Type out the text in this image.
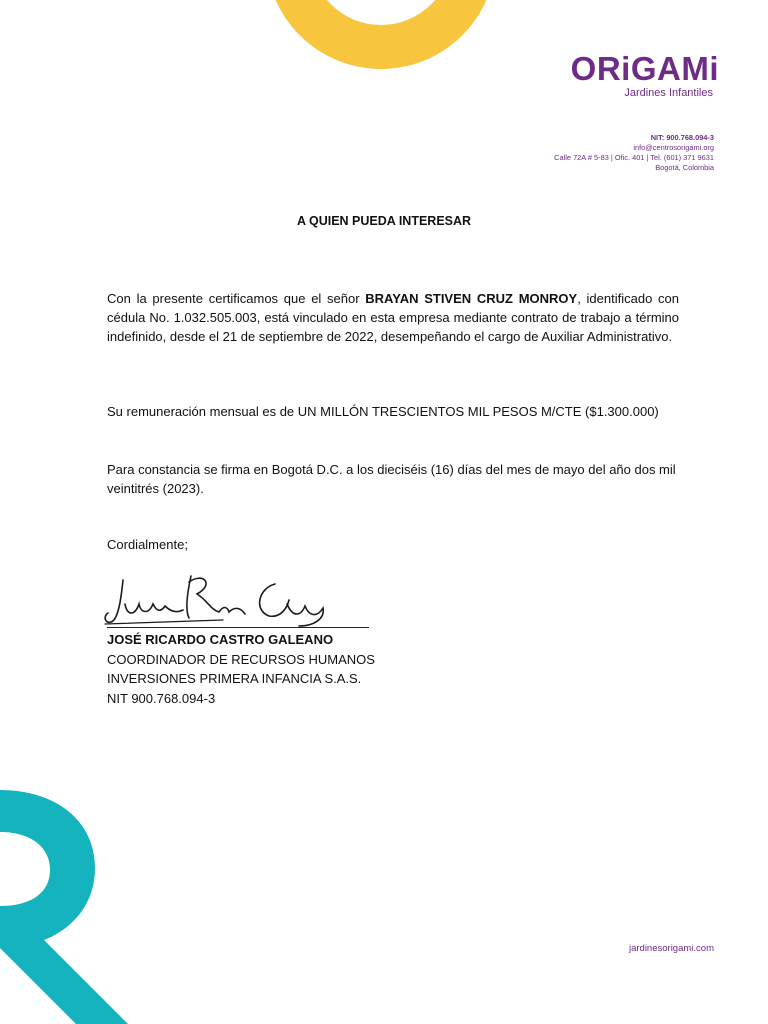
ORiGAMi
Jardines Infantiles
NIT: 900.768.094-3
info@centrosorigami.org
Calle 72A # 5-83 | Ofic. 401 | Tel. (601) 371 9631
Bogotá, Colombia
A QUIEN PUEDA INTERESAR
Con la presente certificamos que el señor BRAYAN STIVEN CRUZ MONROY, identificado con cédula No. 1.032.505.003, está vinculado en esta empresa mediante contrato de trabajo a término indefinido, desde el 21 de septiembre de 2022, desempeñando el cargo de Auxiliar Administrativo.
Su remuneración mensual es de UN MILLÓN TRESCIENTOS MIL PESOS M/CTE ($1.300.000)
Para constancia se firma en Bogotá D.C. a los dieciséis (16) días del mes de mayo del año dos mil veintitrés (2023).
Cordialmente;
JOSÉ RICARDO CASTRO GALEANO
COORDINADOR DE RECURSOS HUMANOS
INVERSIONES PRIMERA INFANCIA S.A.S.
NIT 900.768.094-3
jardinesorigami.com
